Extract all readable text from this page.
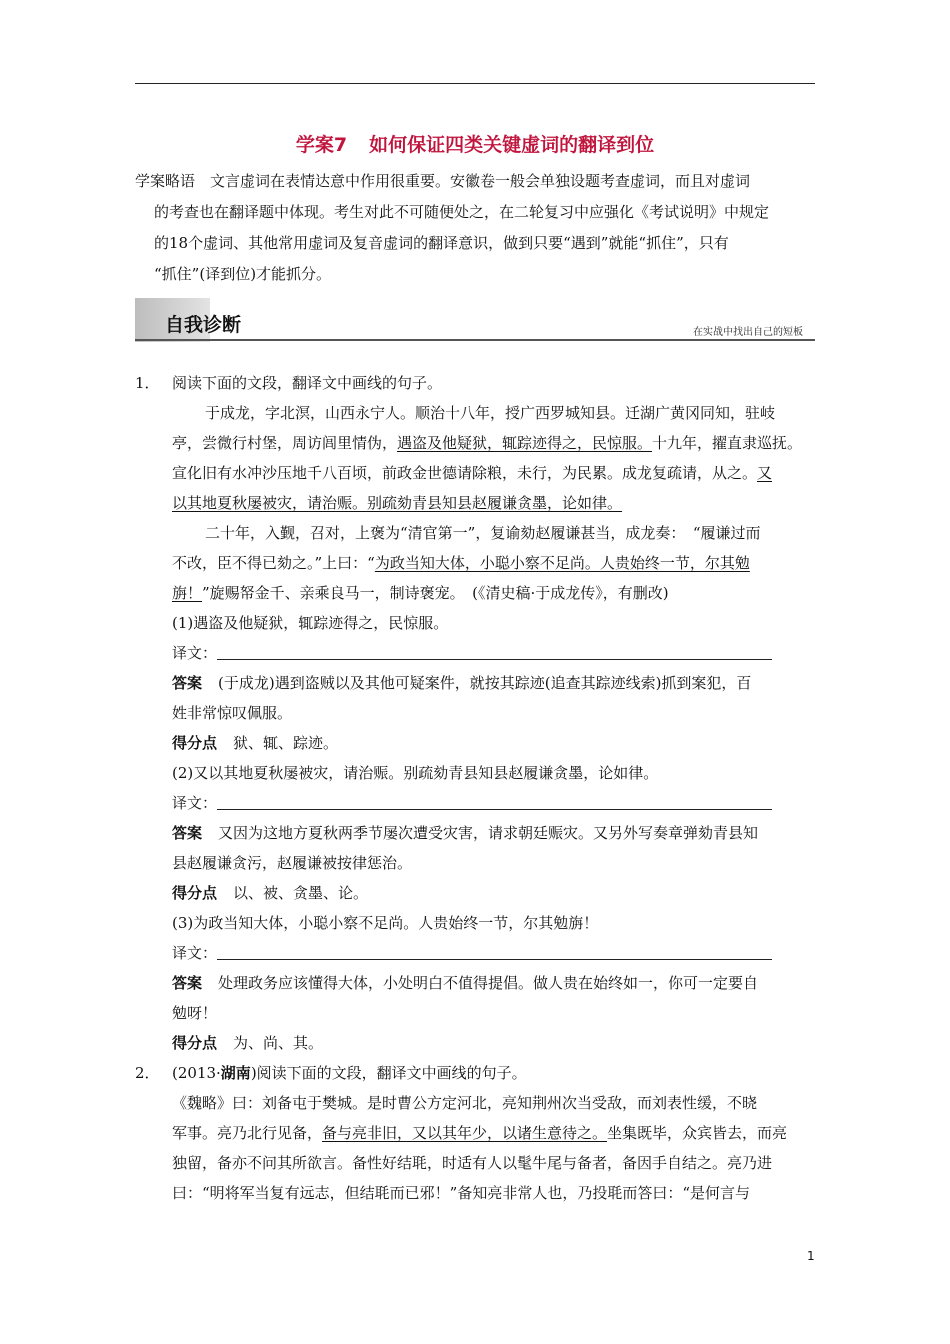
学案7 如何保证四类关键虚词的翻译到位
学案略语　文言虚词在表情达意中作用很重要。安徽卷一般会单独设题考查虚词，而且对虚词
的考查也在翻译题中体现。考生对此不可随便处之，在二轮复习中应强化《考试说明》中规定
的18个虚词、其他常用虚词及复音虚词的翻译意识，做到只要“遇到”就能“抓住”，只有
“抓住”(译到位)才能抓分。
自我诊断	在实战中找出自己的短板
1． 阅读下面的文段，翻译文中画线的句子。
于成龙，字北溟，山西永宁人。顺治十八年，授广西罗城知县。迁湖广黄冈同知，驻岐
亭，尝微行村堡，周访闾里情伪，遇盗及他疑狱，辄踪迹得之，民惊服。十九年，擢直隶巡抚。
宣化旧有水冲沙压地千八百顷，前政金世德请除粮，未行，为民累。成龙复疏请，从之。又
以其地夏秋屡被灾，请治赈。别疏劾青县知县赵履谦贪墨，论如律。
二十年，入觐，召对，上褒为“清官第一”，复谕劾赵履谦甚当，成龙奏：　“履谦过而
不改，臣不得已劾之。”上曰：“为政当知大体，小聪小察不足尚。人贵始终一节，尔其勉
旃！”旋赐帑金千、亲乘良马一，制诗褒宠。　(《清史稿·于成龙传》，有删改)
(1)遇盗及他疑狱，辄踪迹得之，民惊服。
译文：
答案 (于成龙)遇到盗贼以及其他可疑案件，就按其踪迹(追查其踪迹线索)抓到案犯，百
姓非常惊叹佩服。
得分点 狱、辄、踪迹。
(2)又以其地夏秋屡被灾，请治赈。别疏劾青县知县赵履谦贪墨，论如律。
译文：
答案 又因为这地方夏秋两季节屡次遭受灾害，请求朝廷赈灾。又另外写奏章弹劾青县知
县赵履谦贪污，赵履谦被按律惩治。
得分点 以、被、贪墨、论。
(3)为政当知大体，小聪小察不足尚。人贵始终一节，尔其勉旃！
译文：
答案 处理政务应该懂得大体，小处明白不值得提倡。做人贵在始终如一，你可一定要自
勉呀！
得分点 为、尚、其。
2． (2013·湖南)阅读下面的文段，翻译文中画线的句子。
《魏略》曰：刘备屯于樊城。是时曹公方定河北，亮知荆州次当受敌，而刘表性缓，不晓
军事。亮乃北行见备，备与亮非旧，又以其年少，以诸生意待之。坐集既毕，众宾皆去，而亮
独留，备亦不问其所欲言。备性好结毦，时适有人以髦牛尾与备者，备因手自结之。亮乃进
曰：“明将军当复有远志，但结毦而已邪！”备知亮非常人也，乃投毦而答曰：“是何言与
1
